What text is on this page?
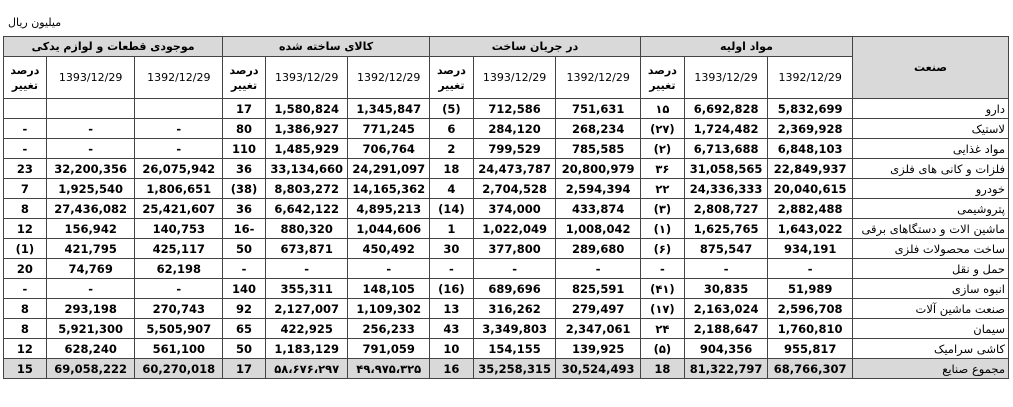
میلیون ریال
موجودی قطعات و لوازم یدکی			کالای ساخته شده			در جریان ساخت			مواد اولیه			صنعت
درصد تغییر	1393/12/29	1392/12/29	درصد تغییر	1393/12/29	1392/12/29	درصد تغییر	1393/12/29	1392/12/29	درصد تغییر	1393/12/29	1392/12/29	
			17	1,580,824	1,345,847	(5)	712,586	751,631	۱۵	6,692,828	5,832,699	دارو
-	-	-	80	1,386,927	771,245	6	284,120	268,234	(۲۷)	1,724,482	2,369,928	لاستیک
-	-	-	110	1,485,929	706,764	2	799,529	785,585	(۲)	6,713,688	6,848,103	مواد غذایی
23	32,200,356	26,075,942	36	33,134,660	24,291,097	18	24,473,787	20,800,979	۳۶	31,058,565	22,849,937	فلزات و کانی های فلزی
7	1,925,540	1,806,651	(38)	8,803,272	14,165,362	4	2,704,528	2,594,394	۲۲	24,336,333	20,040,615	خودرو
8	27,436,082	25,421,607	36	6,642,122	4,895,213	(14)	374,000	433,874	(۳)	2,808,727	2,882,488	پتروشیمی
12	156,942	140,753	16-	880,320	1,044,606	1	1,022,049	1,008,042	(۱)	1,625,765	1,643,022	ماشین الات و دستگاهای برقی
(1)	421,795	425,117	50	673,871	450,492	30	377,800	289,680	(۶)	875,547	934,191	ساخت محصولات فلزی
20	74,769	62,198	-	-	-	-	-	-	-	-	-	حمل و نقل
-	-	-	140	355,311	148,105	(16)	689,696	825,591	(۴۱)	30,835	51,989	انبوه سازی
8	293,198	270,743	92	2,127,007	1,109,302	13	316,262	279,497	(۱۷)	2,163,024	2,596,708	صنعت ماشین آلات
8	5,921,300	5,505,907	65	422,925	256,233	43	3,349,803	2,347,061	۲۴	2,188,647	1,760,810	سیمان
12	628,240	561,100	50	1,183,129	791,059	10	154,155	139,925	(۵)	904,356	955,817	کاشی سرامیک
15	69,058,222	60,270,018	17	۵۸،۶۷۶،۲۹۷	۴۹،۹۷۵،۳۲۵	16	35,258,315	30,524,493	18	81,322,797	68,766,307	مجموع صنایع
